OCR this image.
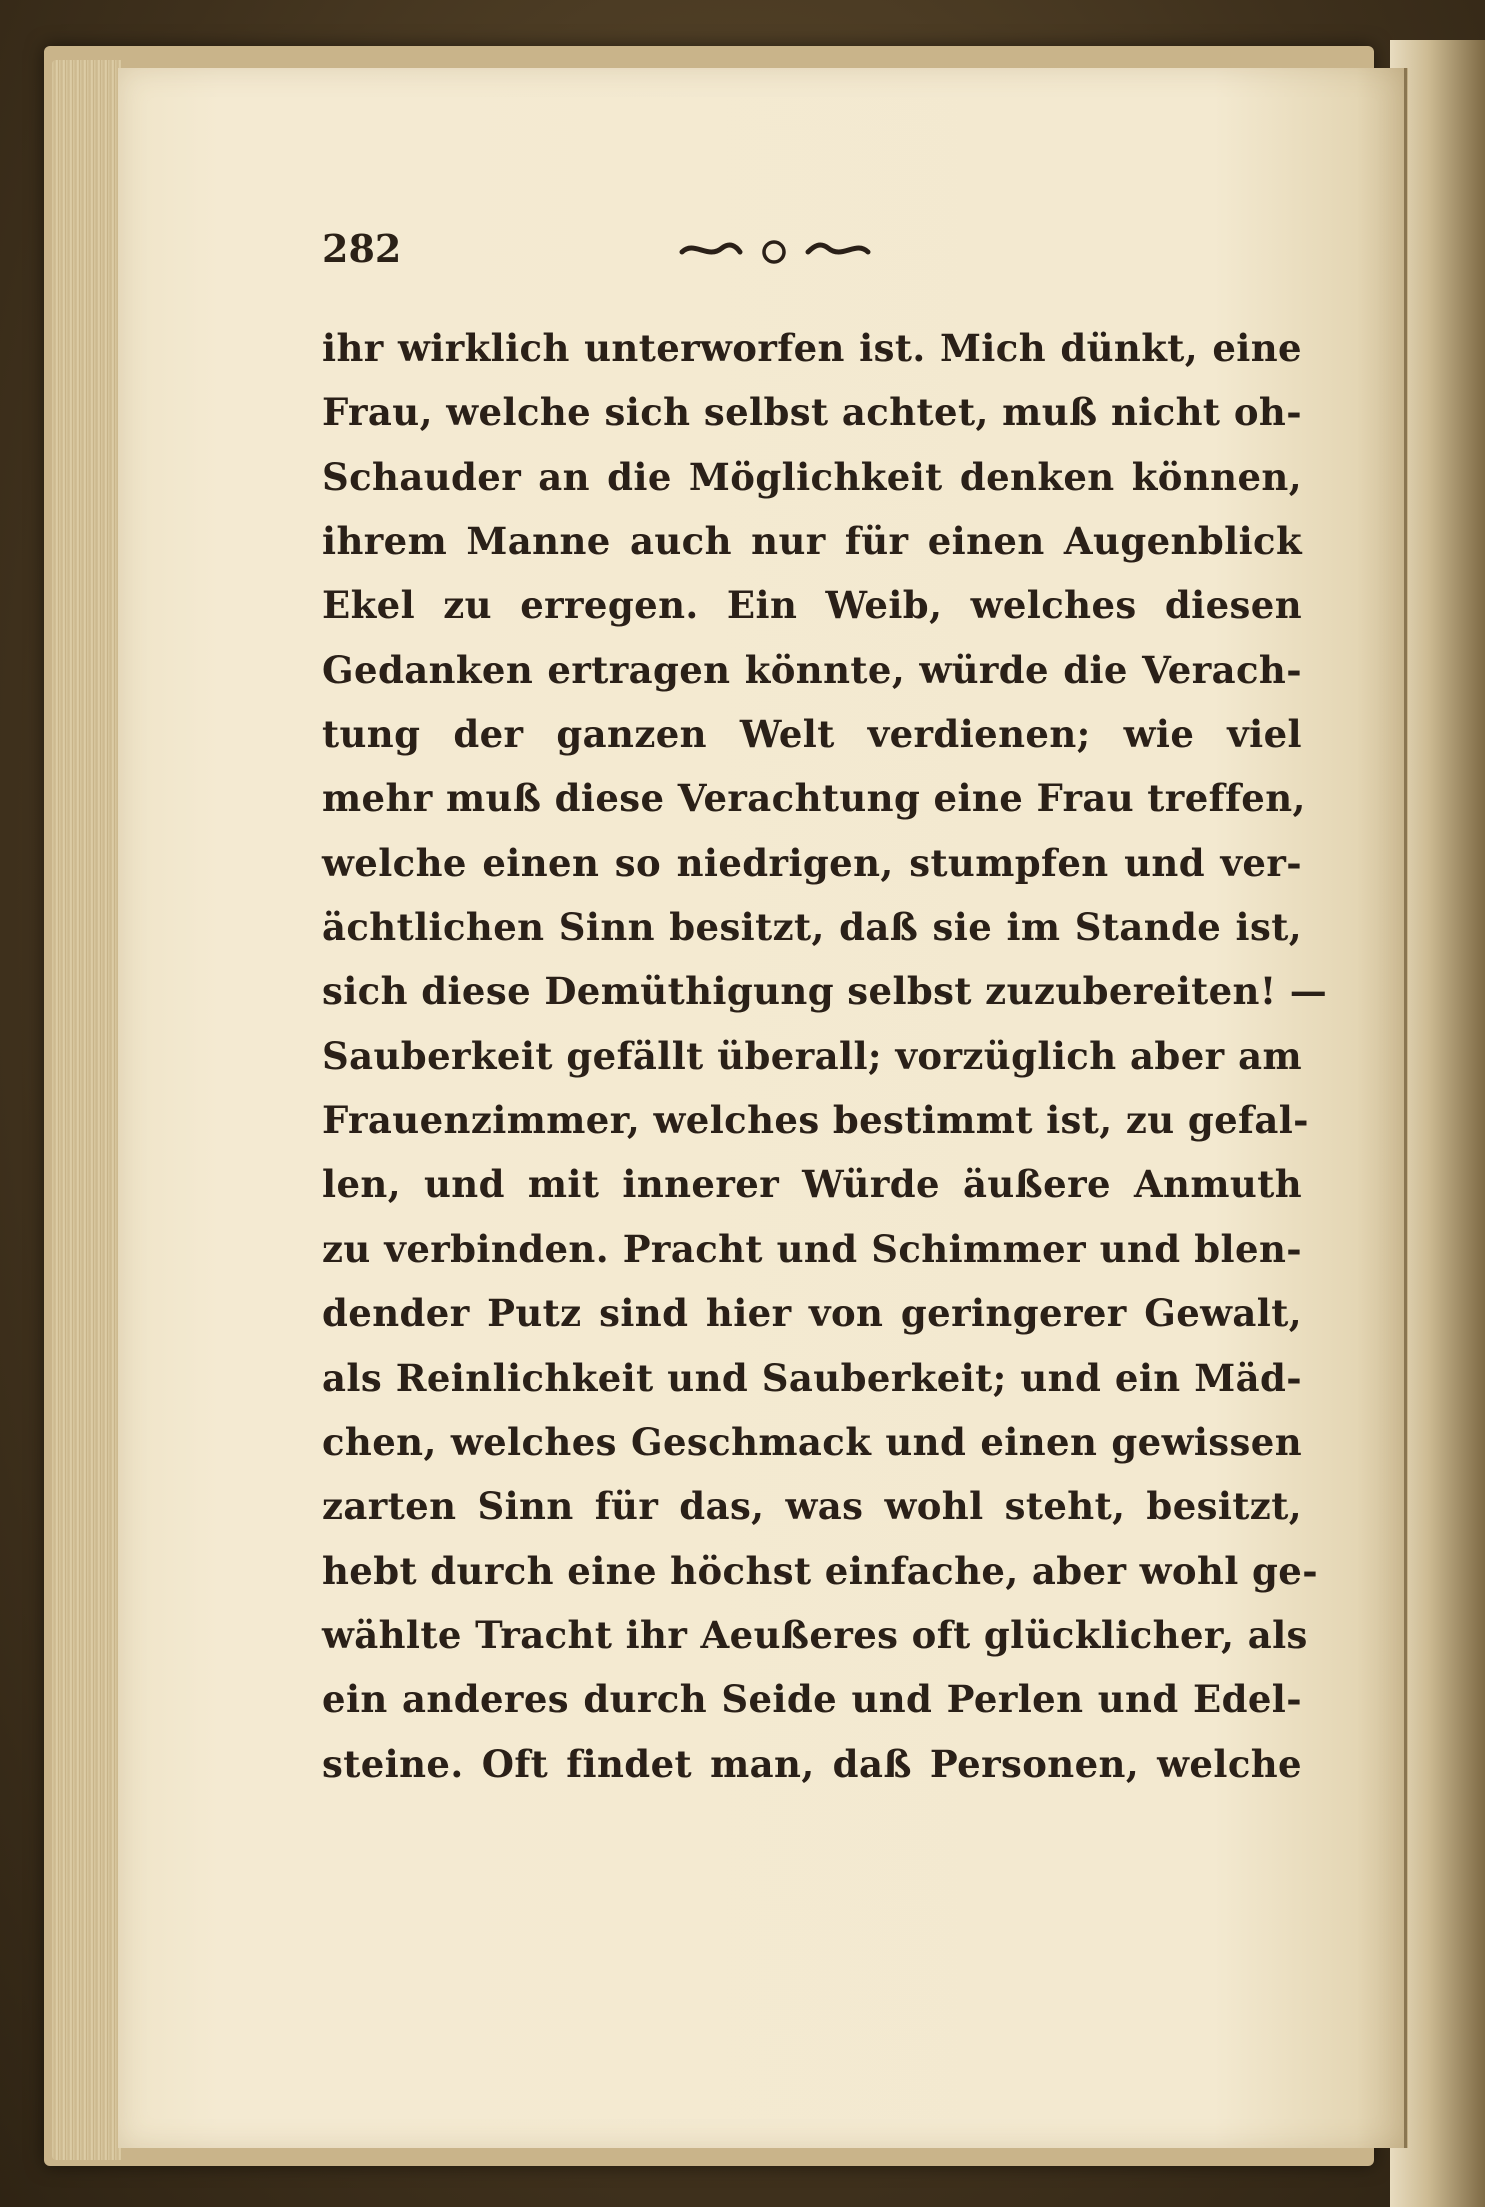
282
ihr wirklich unterworfen ist. Mich dünkt, eine
Frau, welche sich selbst achtet, muß nicht oh-
Schauder an die Möglichkeit denken können,
ihrem Manne auch nur für einen Augenblick
Ekel zu erregen. Ein Weib, welches diesen
Gedanken ertragen könnte, würde die Verach-
tung der ganzen Welt verdienen; wie viel
mehr muß diese Verachtung eine Frau treffen,
welche einen so niedrigen, stumpfen und ver-
ächtlichen Sinn besitzt, daß sie im Stande ist,
sich diese Demüthigung selbst zuzubereiten! —
Sauberkeit gefällt überall; vorzüglich aber am
Frauenzimmer, welches bestimmt ist, zu gefal-
len, und mit innerer Würde äußere Anmuth
zu verbinden. Pracht und Schimmer und blen-
dender Putz sind hier von geringerer Gewalt,
als Reinlichkeit und Sauberkeit; und ein Mäd-
chen, welches Geschmack und einen gewissen
zarten Sinn für das, was wohl steht, besitzt,
hebt durch eine höchst einfache, aber wohl ge-
wählte Tracht ihr Aeußeres oft glücklicher, als
ein anderes durch Seide und Perlen und Edel-
steine. Oft findet man, daß Personen, welche
